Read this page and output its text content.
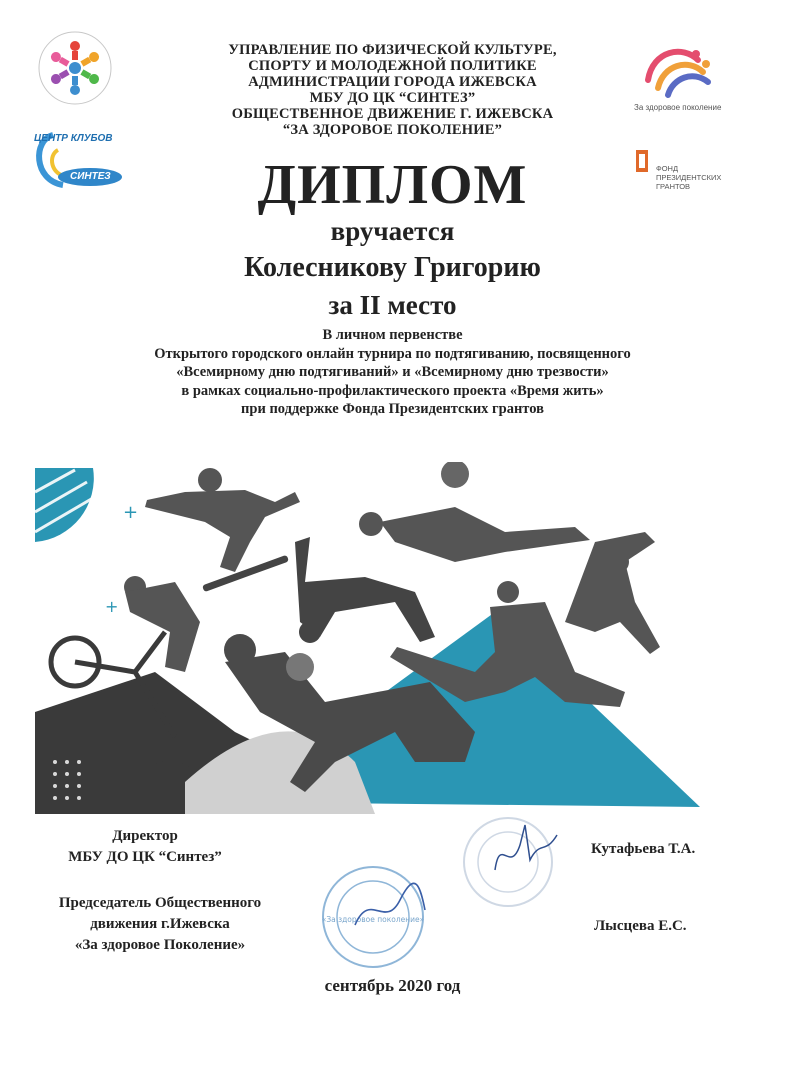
ЦЕНТР КЛУБОВ
СИНТЕЗ
За здоровое поколение
ФОНД
ПРЕЗИДЕНТСКИХ
ГРАНТОВ
УПРАВЛЕНИЕ ПО ФИЗИЧЕСКОЙ КУЛЬТУРЕ,
СПОРТУ И МОЛОДЕЖНОЙ ПОЛИТИКЕ
АДМИНИСТРАЦИИ ГОРОДА ИЖЕВСКА
МБУ ДО ЦК “СИНТЕЗ”
ОБЩЕСТВЕННОЕ ДВИЖЕНИЕ Г. ИЖЕВСКА
“ЗА ЗДОРОВОЕ ПОКОЛЕНИЕ”
ДИПЛОМ
вручается
Колесникову Григорию
за II место
В личном первенстве
Открытого городского онлайн турнира по подтягиванию, посвященного
«Всемирному дню подтягиваний» и «Всемирному дню трезвости»
в рамках социально-профилактического проекта «Время жить»
при поддержке Фонда Президентских грантов
+
+
«За здоровое поколение»
Директор
МБУ ДО ЦК “Синтез”	Кутафьева Т.А.
Председатель Общественного
движения г.Ижевска
«За здоровое Поколение»
Лысцева Е.С.
сентябрь 2020 год
